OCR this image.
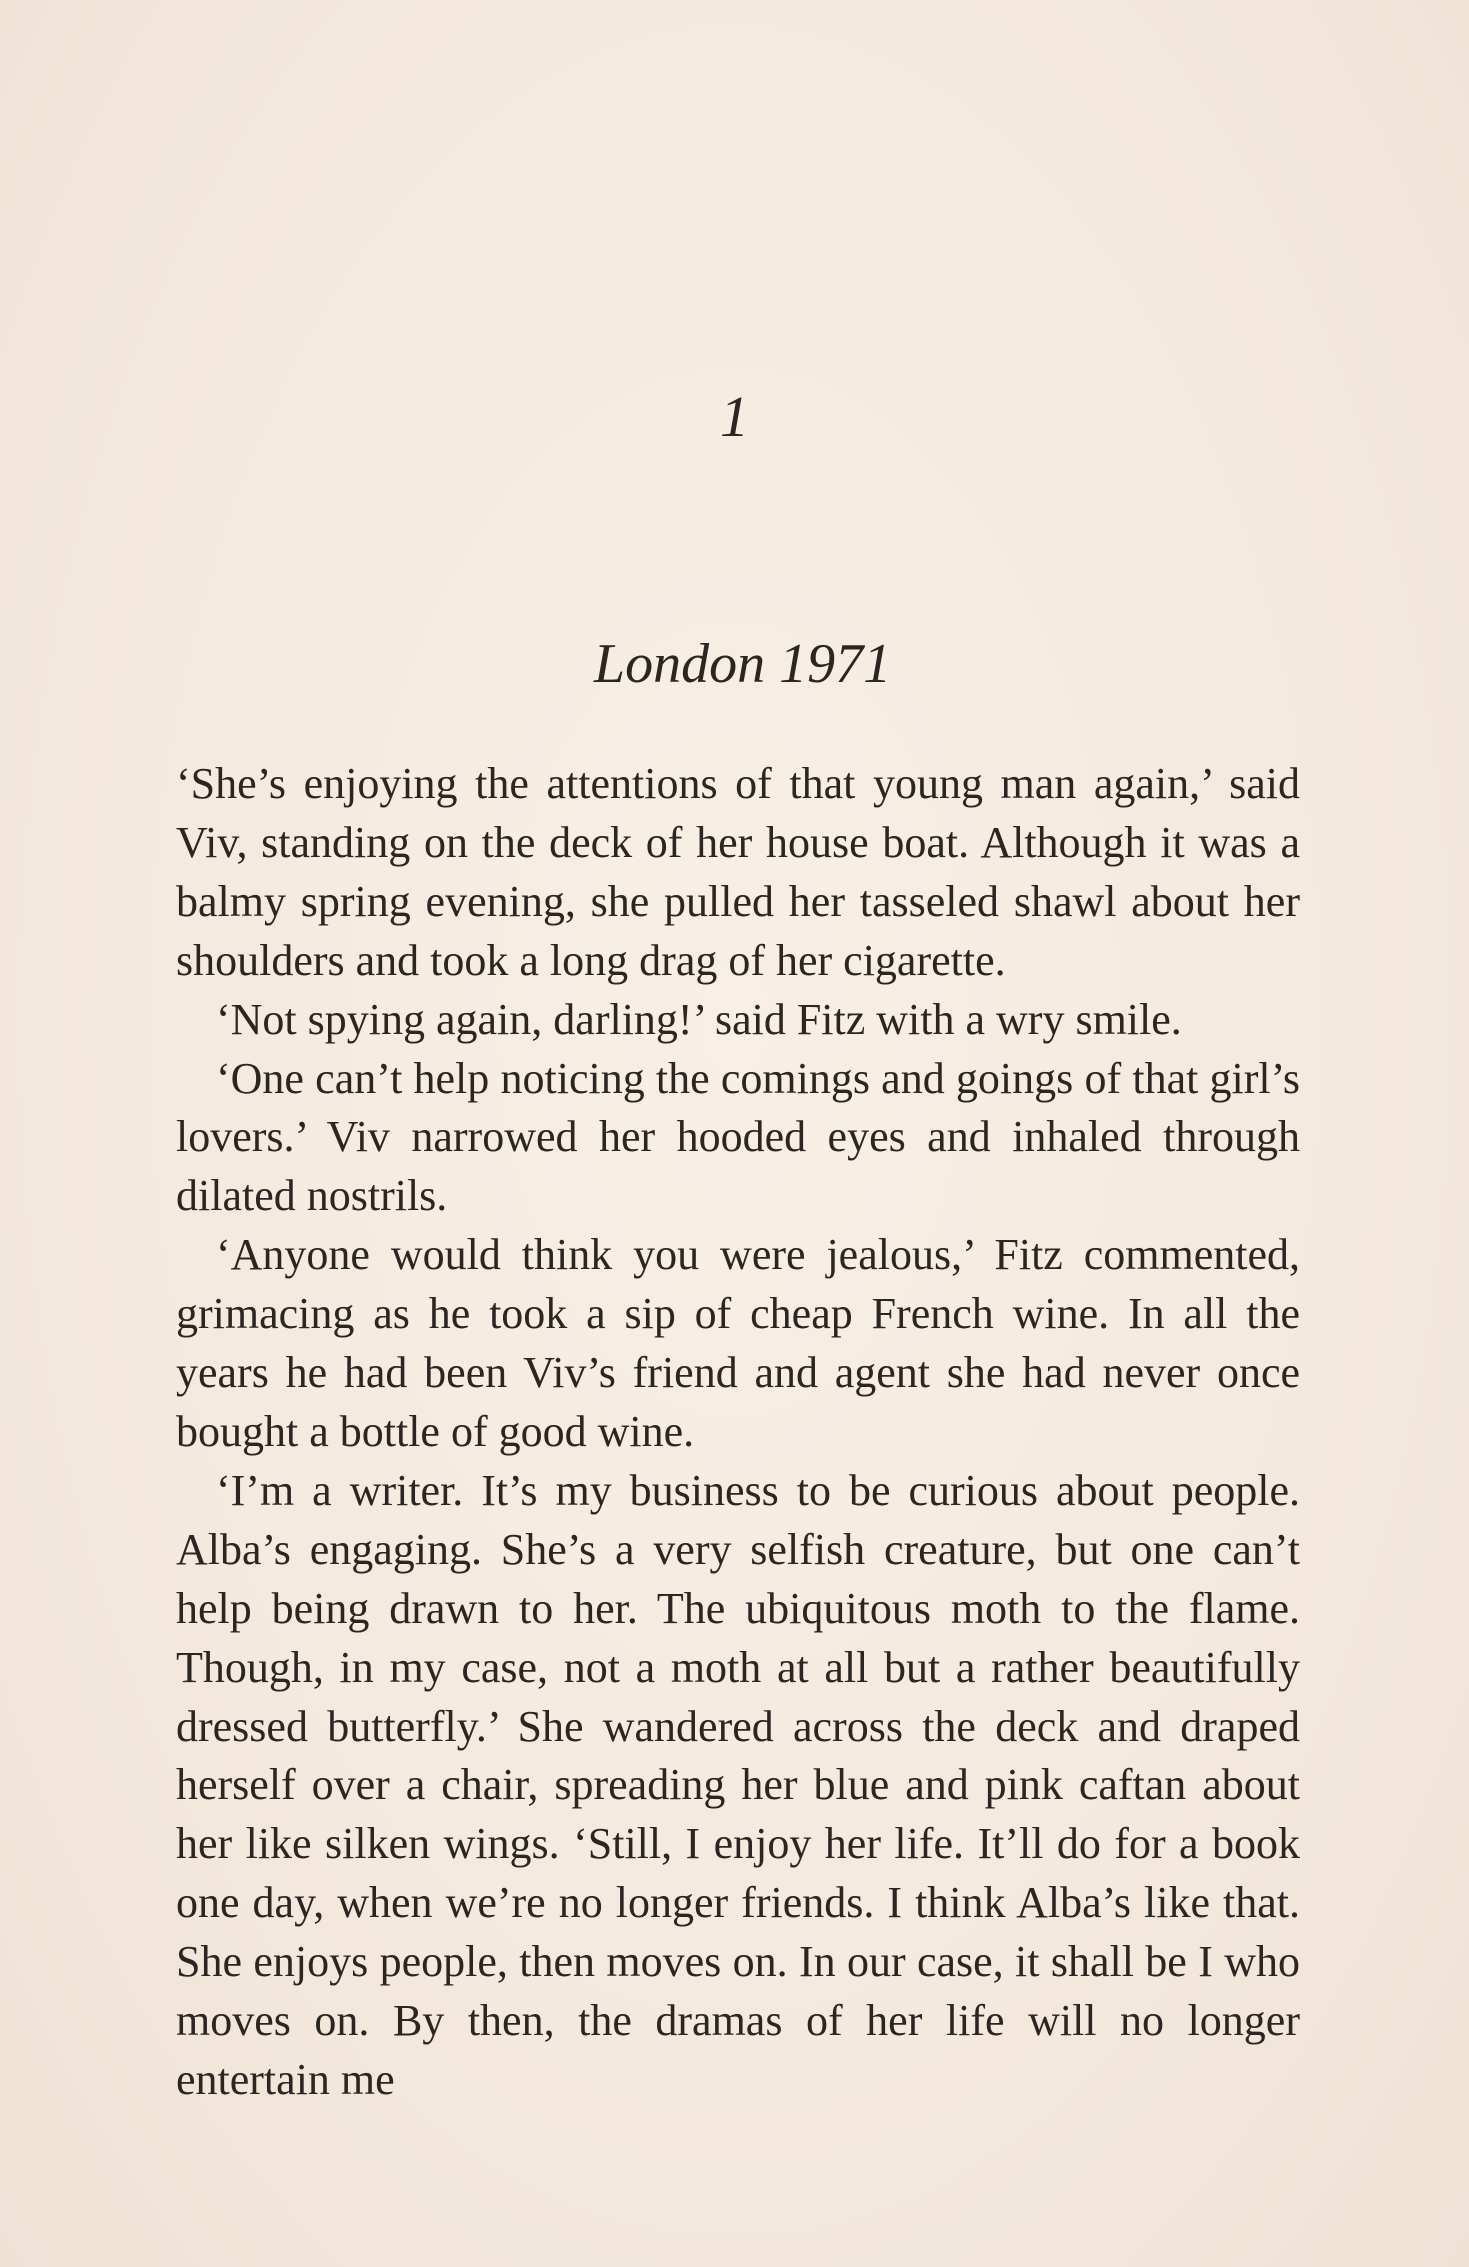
1
London 1971

‘She’s enjoying the attentions of that young man again,’ said Viv, standing on the deck of her house boat. Although it was a balmy spring evening, she pulled her tasseled shawl about her shoulders and took a long drag of her cigarette.

‘Not spying again, darling!’ said Fitz with a wry smile.

‘One can’t help noticing the comings and goings of that girl’s lovers.’ Viv narrowed her hooded eyes and inhaled through dilated nostrils.

‘Anyone would think you were jealous,’ Fitz commented, grimacing as he took a sip of cheap French wine. In all the years he had been Viv’s friend and agent she had never once bought a bottle of good wine.

‘I’m a writer. It’s my business to be curious about people. Alba’s engaging. She’s a very selfish creature, but one can’t help being drawn to her. The ubiquitous moth to the flame. Though, in my case, not a moth at all but a rather beautifully dressed butterfly.’ She wandered across the deck and draped herself over a chair, spreading her blue and pink caftan about her like silken wings. ‘Still, I enjoy her life. It’ll do for a book one day, when we’re no longer friends. I think Alba’s like that. She enjoys people, then moves on. In our case, it shall be I who moves on. By then, the dramas of her life will no longer entertain me
